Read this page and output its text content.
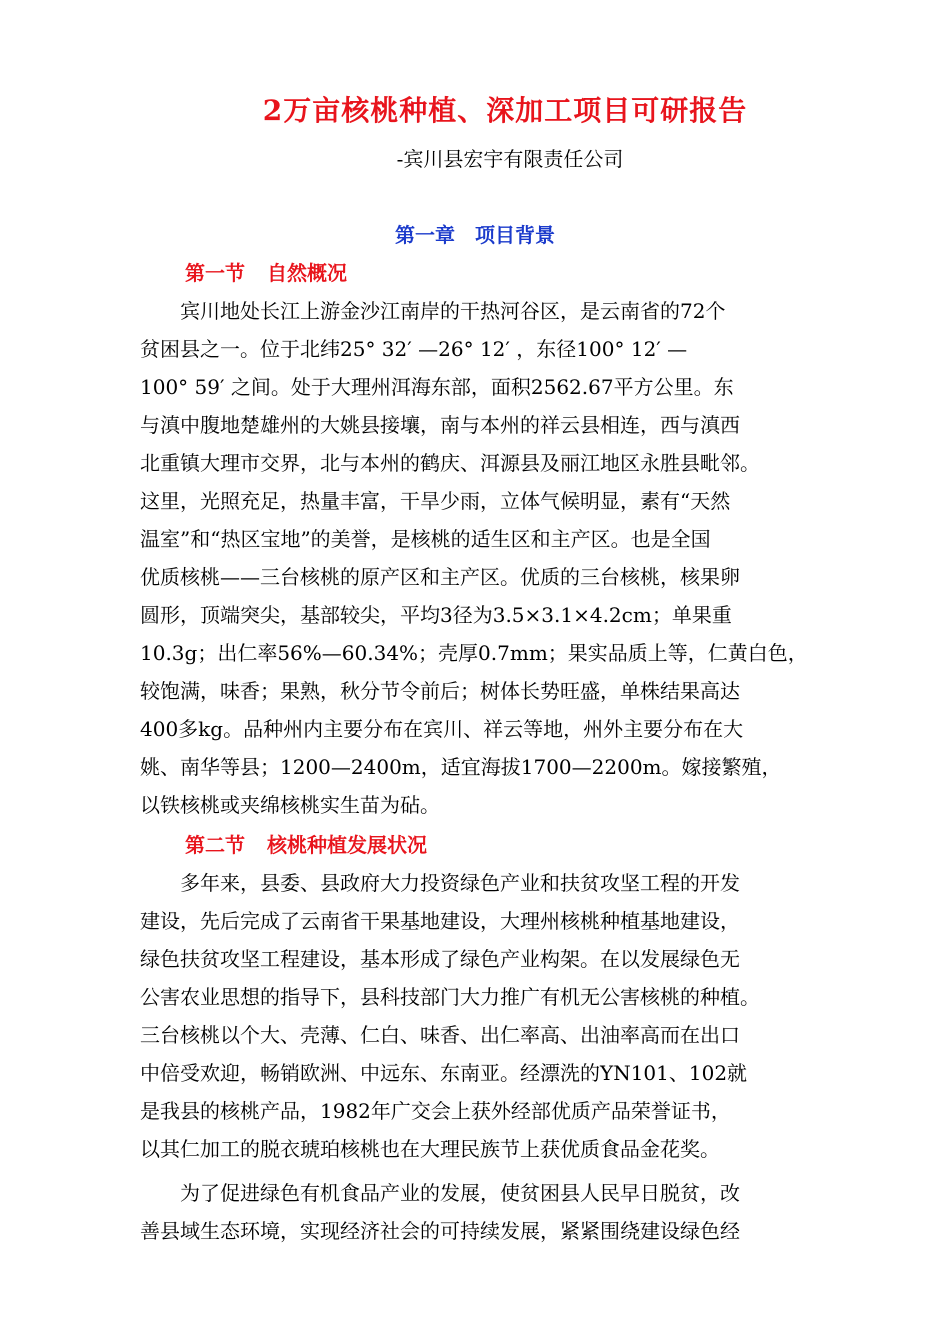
2万亩核桃种植、深加工项目可研报告

-宾川县宏宇有限责任公司

第一章　项目背景
第一节 自然概况
　　宾川地处长江上游金沙江南岸的干热河谷区，是云南省的72个
贫困县之一。位于北纬25° 32′ —26° 12′ ，东径100° 12′ —
100° 59′ 之间。处于大理州洱海东部，面积2562.67平方公里。东
与滇中腹地楚雄州的大姚县接壤，南与本州的祥云县相连，西与滇西
北重镇大理市交界，北与本州的鹤庆、洱源县及丽江地区永胜县毗邻。
这里，光照充足，热量丰富，干旱少雨，立体气候明显，素有“天然
温室”和“热区宝地”的美誉，是核桃的适生区和主产区。也是全国
优质核桃——三台核桃的原产区和主产区。优质的三台核桃，核果卵
圆形，顶端突尖，基部较尖，平均3径为3.5×3.1×4.2cm；单果重
10.3g；出仁率56%—60.34%；壳厚0.7mm；果实品质上等，仁黄白色，
较饱满，味香；果熟，秋分节令前后；树体长势旺盛，单株结果高达
400多kg。品种州内主要分布在宾川、祥云等地，州外主要分布在大
姚、南华等县；1200—2400m，适宜海拔1700—2200m。嫁接繁殖，
以铁核桃或夹绵核桃实生苗为砧。
第二节 核桃种植发展状况
　　多年来，县委、县政府大力投资绿色产业和扶贫攻坚工程的开发
建设，先后完成了云南省干果基地建设，大理州核桃种植基地建设，
绿色扶贫攻坚工程建设，基本形成了绿色产业构架。在以发展绿色无
公害农业思想的指导下，县科技部门大力推广有机无公害核桃的种植。
三台核桃以个大、壳薄、仁白、味香、出仁率高、出油率高而在出口
中倍受欢迎，畅销欧洲、中远东、东南亚。经漂洗的YN101、102就
是我县的核桃产品，1982年广交会上获外经部优质产品荣誉证书，
以其仁加工的脱衣琥珀核桃也在大理民族节上获优质食品金花奖。
　　为了促进绿色有机食品产业的发展，使贫困县人民早日脱贫，改
善县域生态环境，实现经济社会的可持续发展，紧紧围绕建设绿色经
